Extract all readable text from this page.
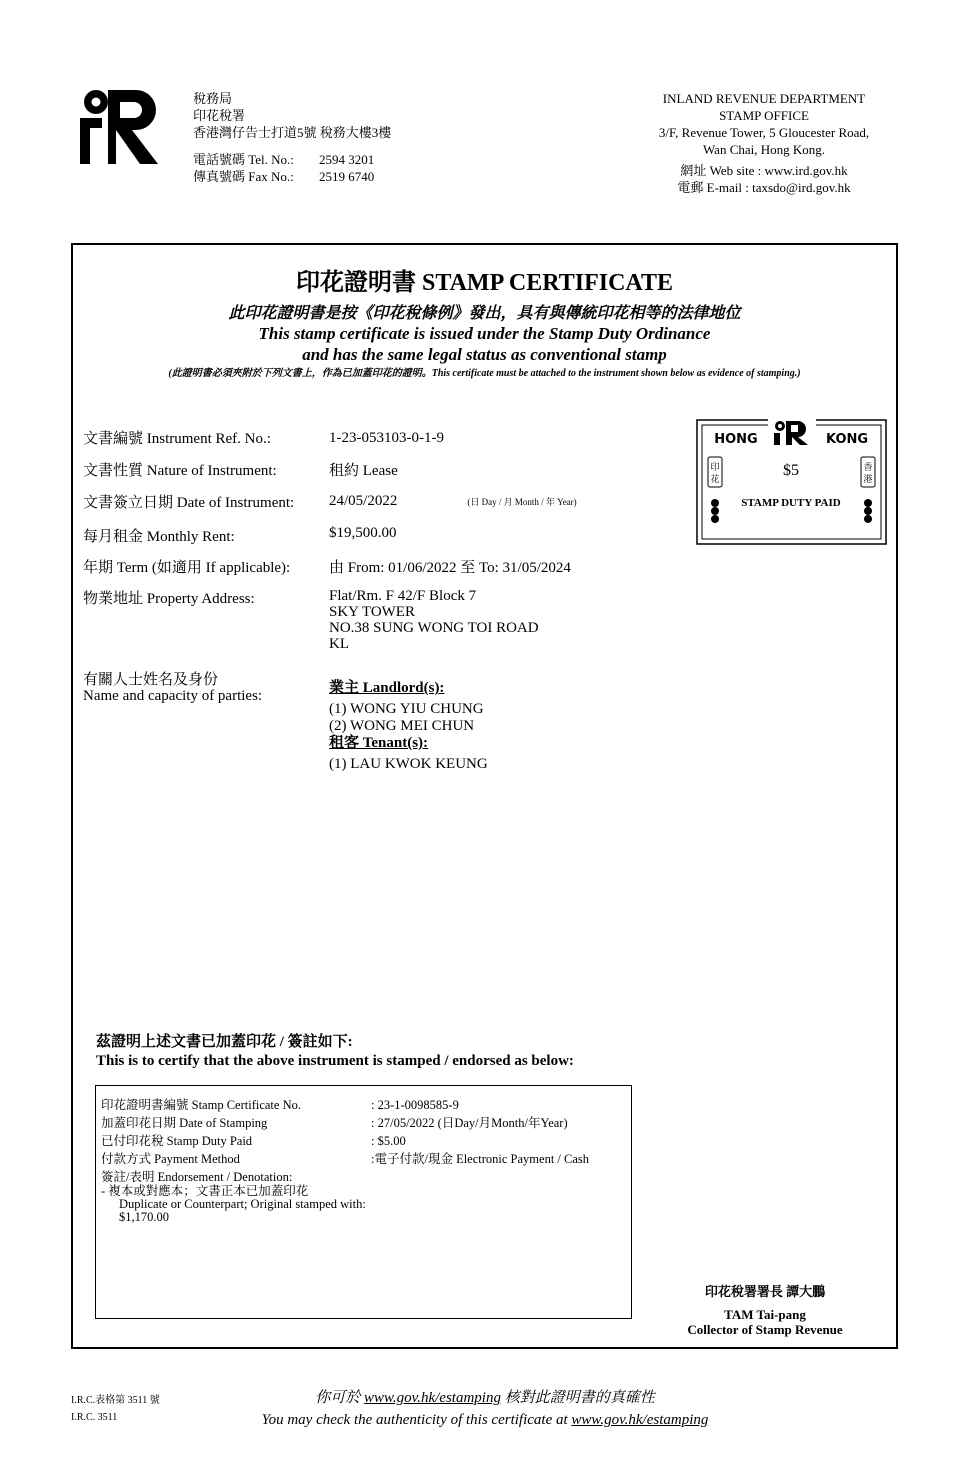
稅務局
印花稅署
香港灣仔告士打道5號 稅務大樓3樓
電話號碼 Tel. No.: 2594 3201
傳真號碼 Fax No.: 2519 6740
INLAND REVENUE DEPARTMENT
STAMP OFFICE
3/F, Revenue Tower, 5 Gloucester Road,
Wan Chai, Hong Kong.
網址 Web site : www.ird.gov.hk
電郵 E-mail : taxsdo@ird.gov.hk
印花證明書 STAMP CERTIFICATE
此印花證明書是按《印花稅條例》發出，具有與傳統印花相等的法律地位
This stamp certificate is issued under the Stamp Duty Ordinance
and has the same legal status as conventional stamp
(此證明書必須夾附於下列文書上，作為已加蓋印花的證明。This certificate must be attached to the instrument shown below as evidence of stamping.)
文書編號 Instrument Ref. No.:	1-23-053103-0-1-9
文書性質 Nature of Instrument:	租約 Lease
文書簽立日期 Date of Instrument: 24/05/2022	(日 Day / 月 Month / 年 Year)
每月租金 Monthly Rent:	$19,500.00
年期 Term (如適用 If applicable):	由 From: 01/06/2022 至 To: 31/05/2024
物業地址 Property Address:	Flat/Rm. F 42/F Block 7
SKY TOWER
NO.38 SUNG WONG TOI ROAD
KL
有關人士姓名及身份
Name and capacity of parties:	業主 Landlord(s):
(1) WONG YIU CHUNG
(2) WONG MEI CHUN
租客 Tenant(s):
(1) LAU KWOK KEUNG
HONG	KONG
$5
印
花
香
港
STAMP DUTY PAID
茲證明上述文書已加蓋印花 / 簽註如下:
This is to certify that the above instrument is stamped / endorsed as below:
印花證明書編號 Stamp Certificate No.	: 23-1-0098585-9
加蓋印花日期 Date of Stamping	: 27/05/2022 (日Day/月Month/年Year)
已付印花稅 Stamp Duty Paid	: $5.00
付款方式 Payment Method	:電子付款/現金 Electronic Payment / Cash
簽註/表明 Endorsement / Denotation:
- 複本或對應本；文書正本已加蓋印花
Duplicate or Counterpart; Original stamped with:
$1,170.00
印花稅署署長 譚大鵬
TAM Tai-pang
Collector of Stamp Revenue
I.R.C.表格第 3511 號
I.R.C. 3511
你可於 www.gov.hk/estamping 核對此證明書的真確性
You may check the authenticity of this certificate at www.gov.hk/estamping
